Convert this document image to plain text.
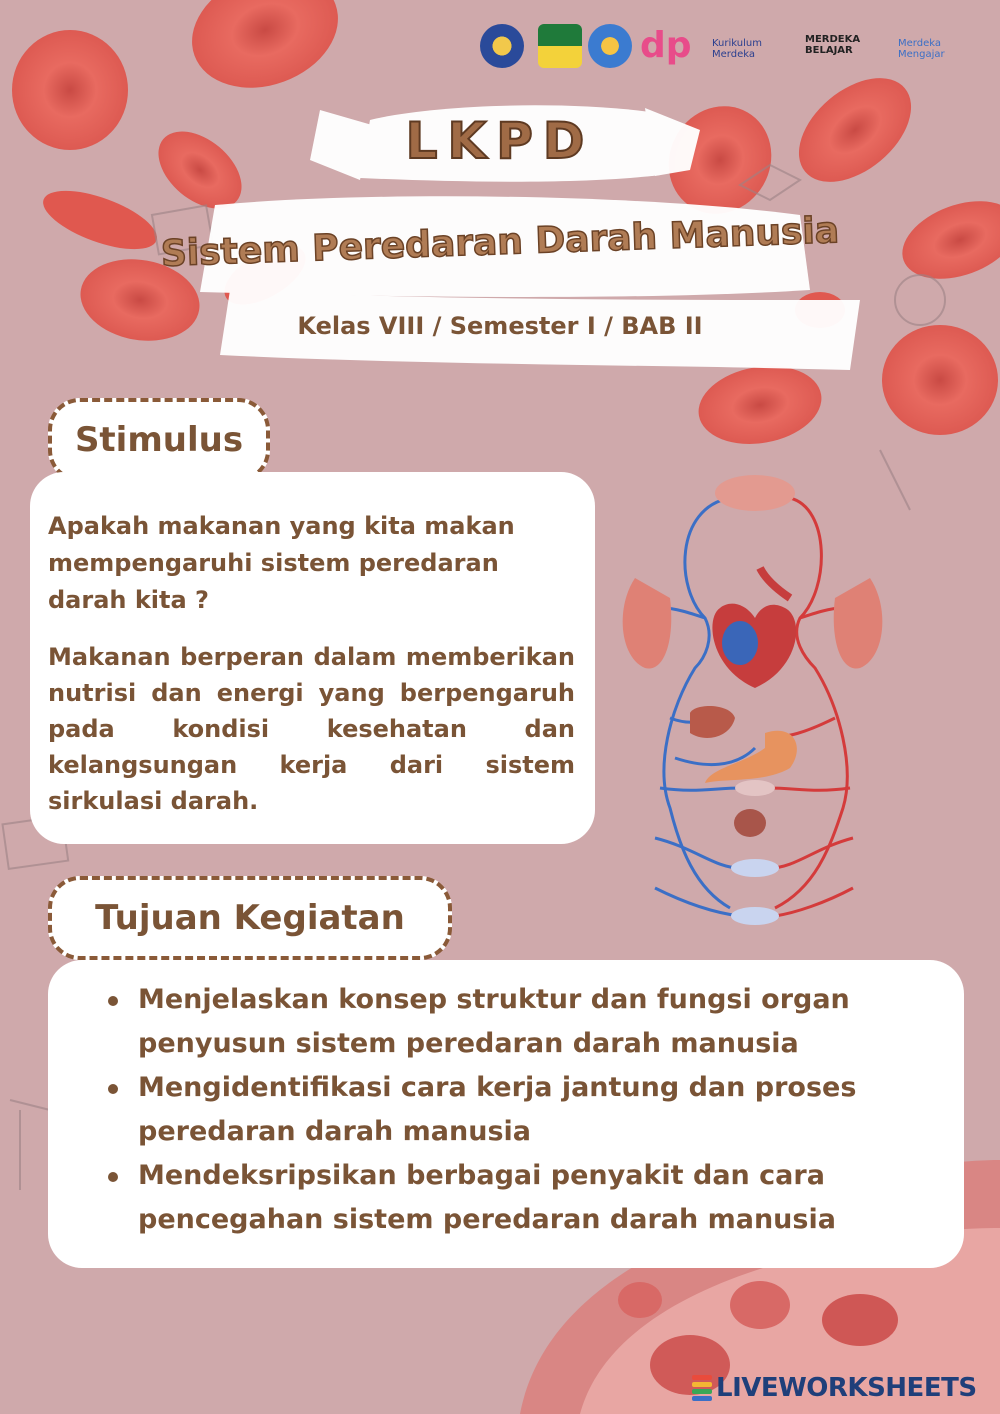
dp Kurikulum Merdeka
MERDEKA BELAJAR
Merdeka Mengajar
LKPD
Sistem Peredaran Darah Manusia
Kelas VIII / Semester I / BAB II
Stimulus

Apakah makanan yang kita makan mempengaruhi sistem peredaran darah kita ?

Makanan berperan dalam memberikan nutrisi dan energi yang berpengaruh pada kondisi kesehatan dan kelangsungan kerja dari sistem sirkulasi darah.

Tujuan Kegiatan
Menjelaskan konsep struktur dan fungsi organ penyusun sistem peredaran darah manusia
Mengidentifikasi cara kerja jantung dan proses peredaran darah manusia
Mendeksripsikan berbagai penyakit dan cara pencegahan sistem peredaran darah manusia
LIVEWORKSHEETS
